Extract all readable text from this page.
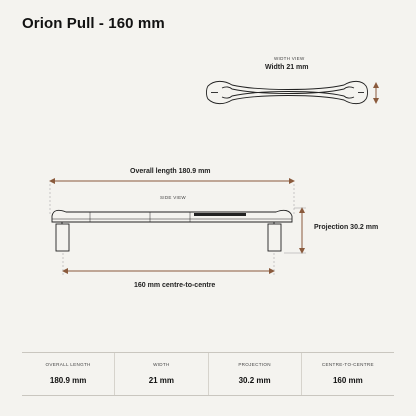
Orion Pull - 160 mm
WIDTH VIEW
Width 21 mm
Overall length 180.9 mm
SIDE VIEW
Projection 30.2 mm
160 mm centre-to-centre
OVERALL LENGTH
180.9 mm
WIDTH
21 mm
PROJECTION
30.2 mm
CENTRE-TO-CENTRE
160 mm
